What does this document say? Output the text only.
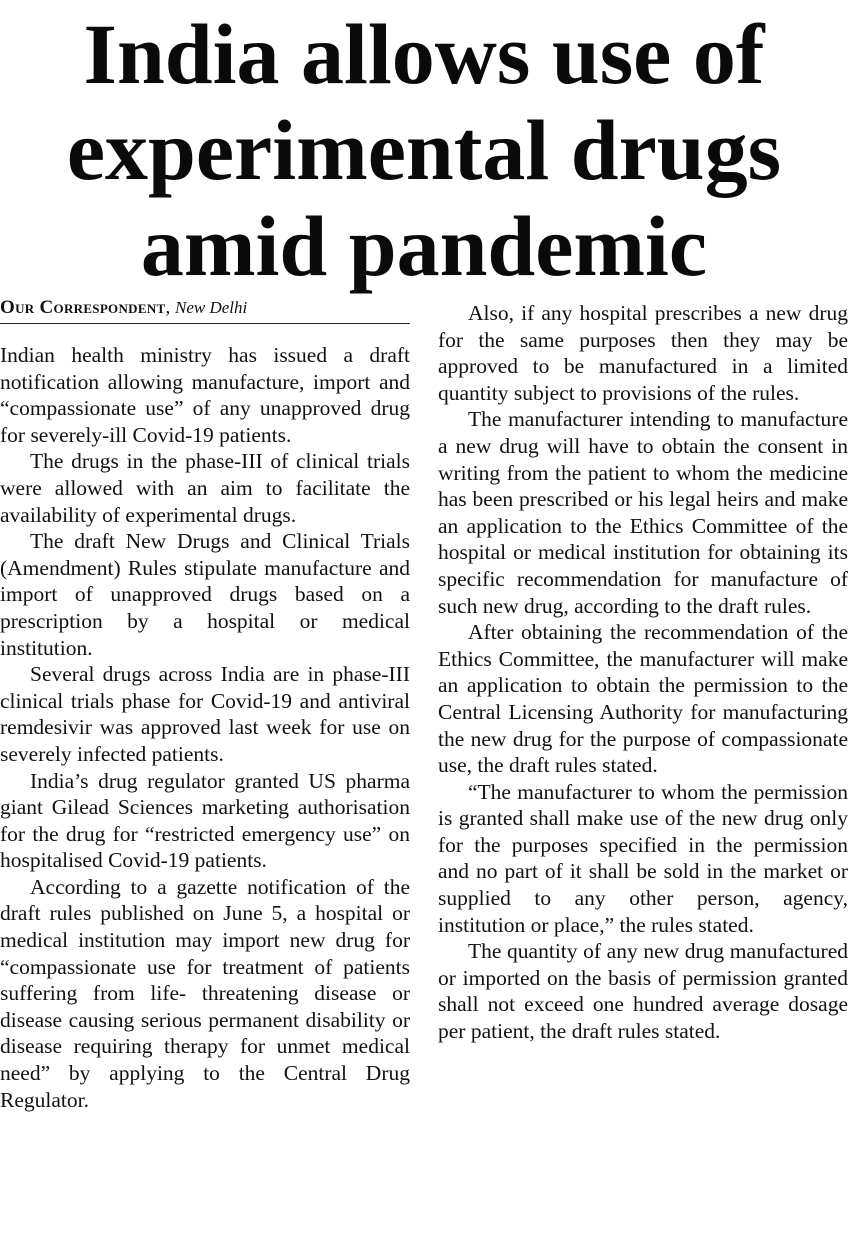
India allows use of experimental drugs amid pandemic
Our Correspondent, New Delhi

Indian health ministry has issued a draft notification allowing manufacture, import and “compassionate use” of any unapproved drug for severely-ill Covid-19 patients.

The drugs in the phase-III of clinical trials were allowed with an aim to facilitate the availability of experimental drugs.

The draft New Drugs and Clinical Trials (Amendment) Rules stipulate manufacture and import of unapproved drugs based on a prescription by a hospital or medical institution.

Several drugs across India are in phase-III clinical trials phase for Covid-19 and antiviral remdesivir was approved last week for use on severely infected patients.

India’s drug regulator granted US pharma giant Gilead Sciences marketing authorisation for the drug for “restricted emergency use” on hospitalised Covid-19 patients.

According to a gazette notification of the draft rules published on June 5, a hospital or medical institution may import new drug for “compassionate use for treatment of patients suffering from life- threatening disease or disease causing serious permanent disability or disease requiring therapy for unmet medical need” by applying to the Central Drug Regulator.

Also, if any hospital prescribes a new drug for the same purposes then they may be approved to be manufactured in a limited quantity subject to provisions of the rules.

The manufacturer intending to manufacture a new drug will have to obtain the consent in writing from the patient to whom the medicine has been prescribed or his legal heirs and make an application to the Ethics Committee of the hospital or medical institution for obtaining its specific recommendation for manufacture of such new drug, according to the draft rules.

After obtaining the recommendation of the Ethics Committee, the manufacturer will make an application to obtain the permission to the Central Licensing Authority for manufacturing the new drug for the purpose of compassionate use, the draft rules stated.

“The manufacturer to whom the permission is granted shall make use of the new drug only for the purposes specified in the permission and no part of it shall be sold in the market or supplied to any other person, agency, institution or place,” the rules stated.

The quantity of any new drug manufactured or imported on the basis of permission granted shall not exceed one hundred average dosage per patient, the draft rules stated.
